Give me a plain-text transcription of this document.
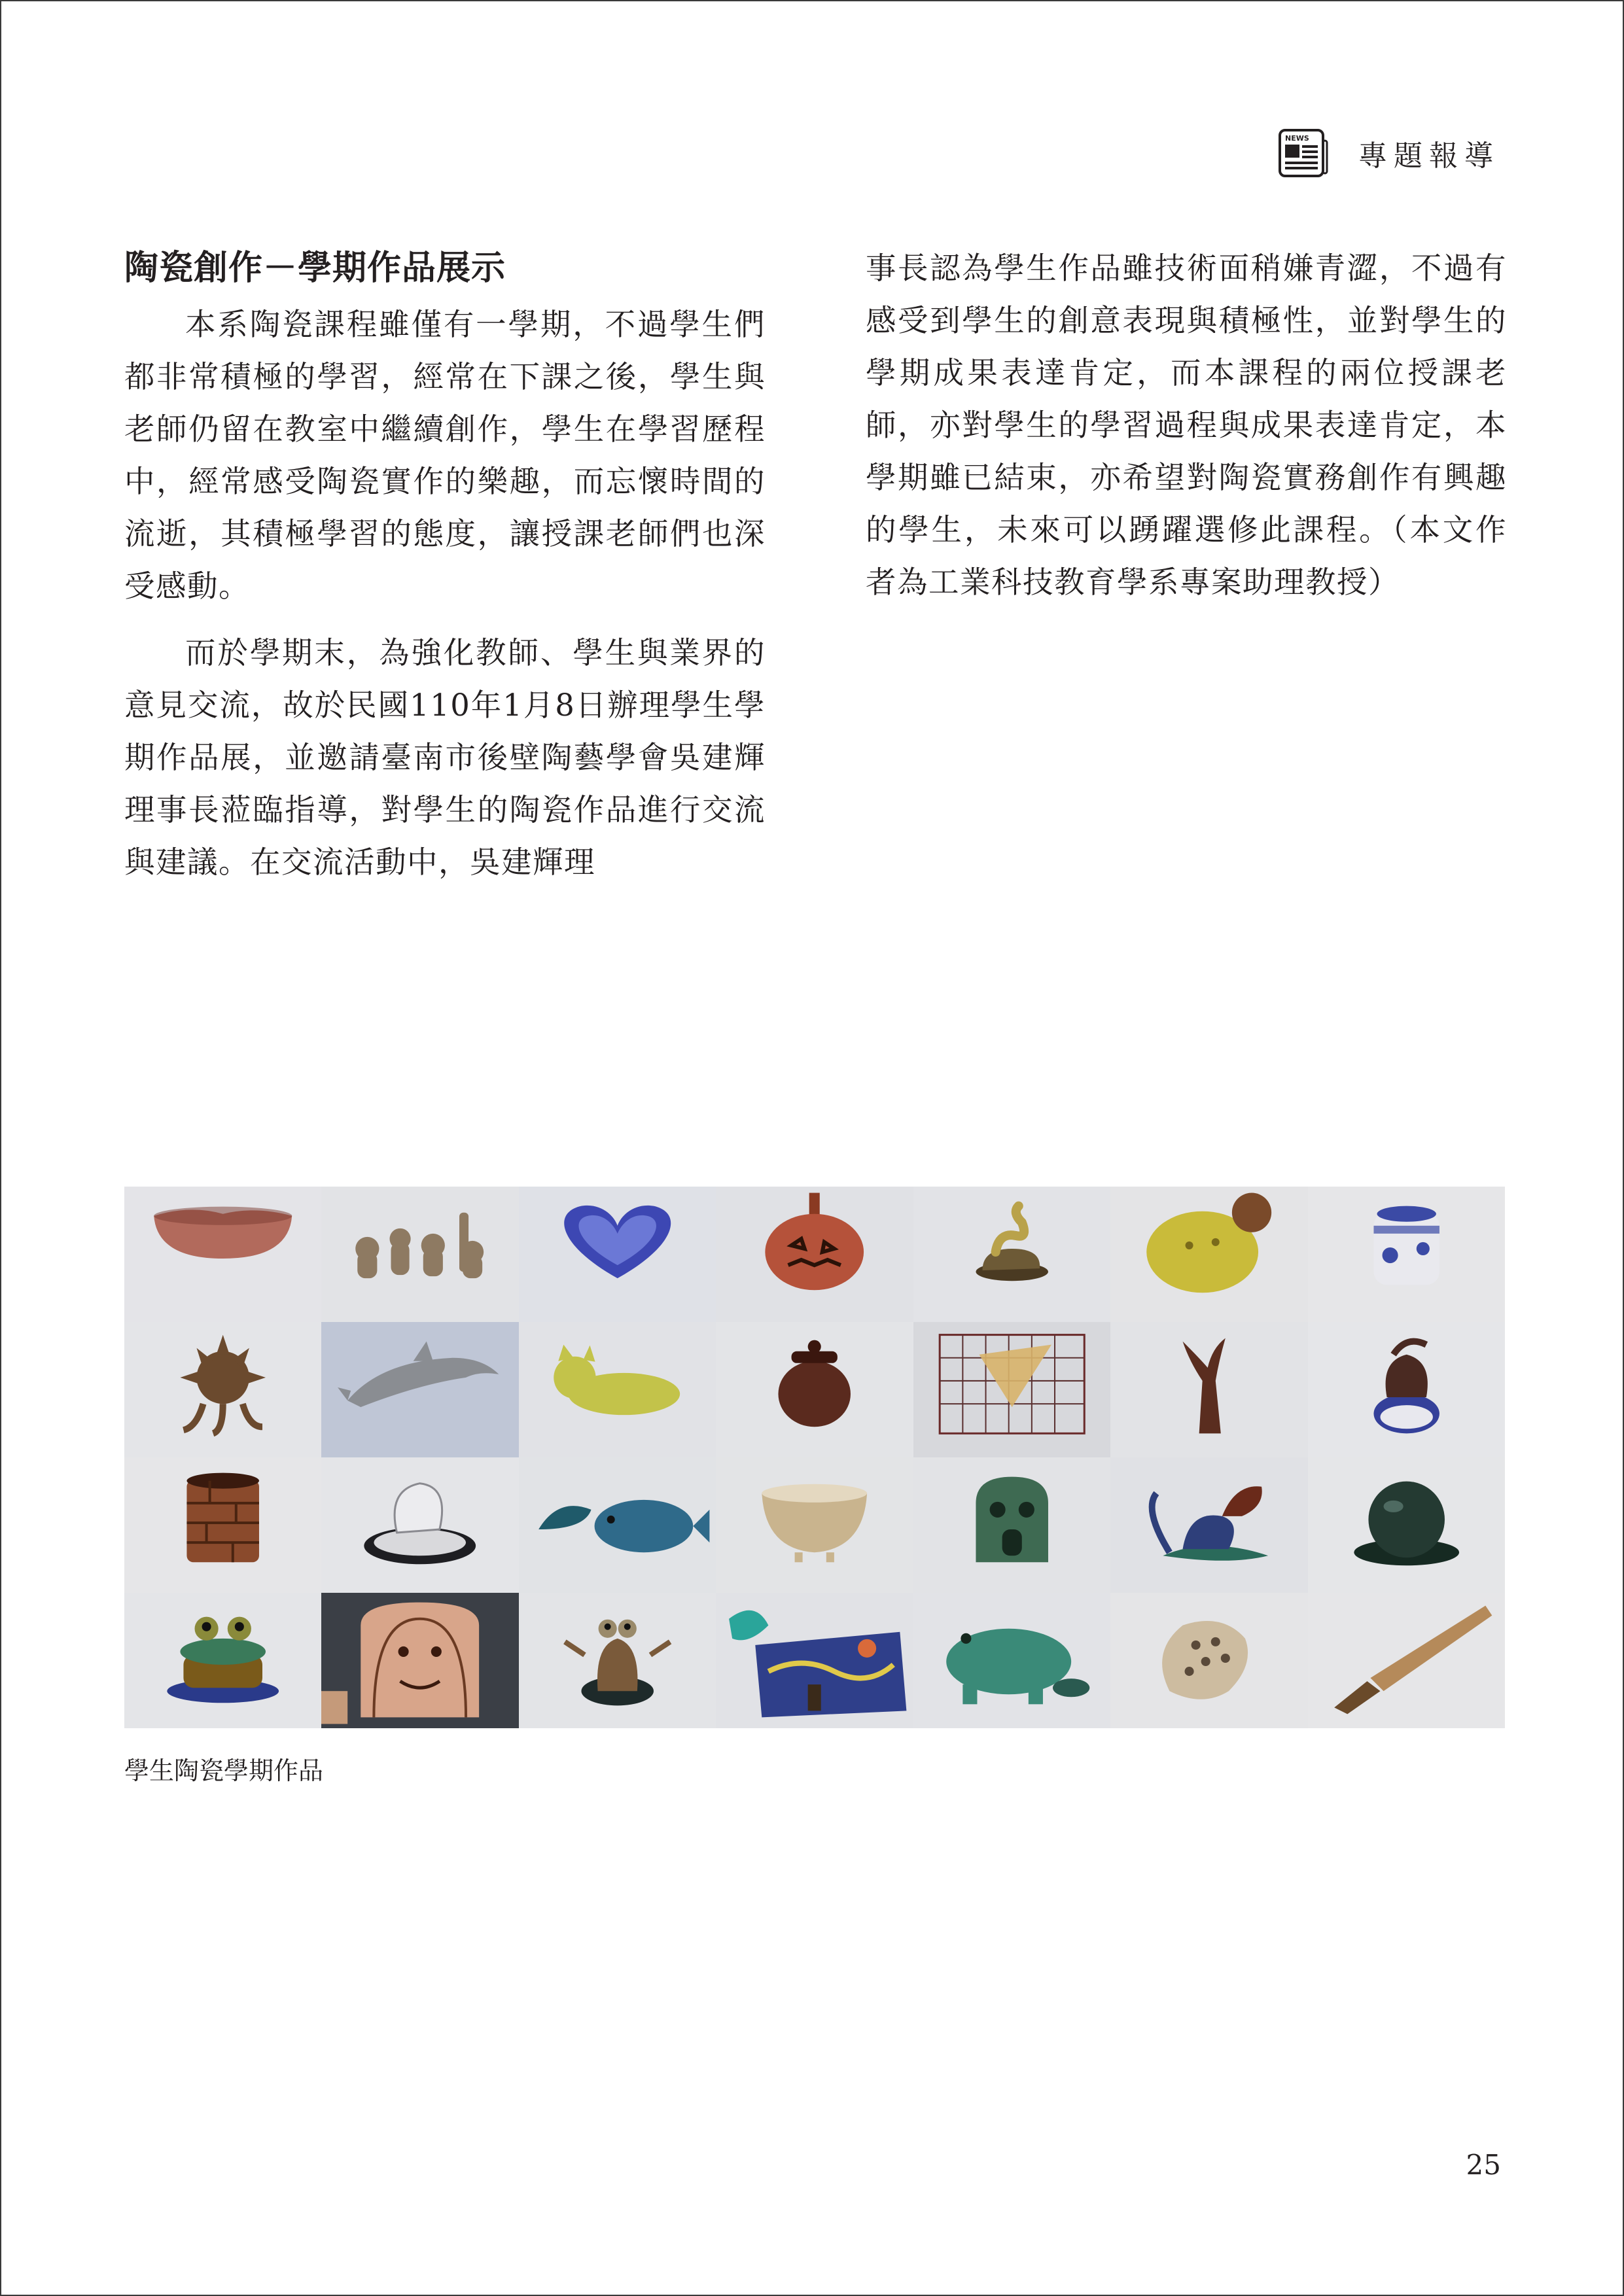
NEWS
專題報導
陶瓷創作－學期作品展示

本系陶瓷課程雖僅有一學期，不過學生們都非常積極的學習，經常在下課之後，學生與老師仍留在教室中繼續創作，學生在學習歷程中，經常感受陶瓷實作的樂趣，而忘懷時間的流逝，其積極學習的態度，讓授課老師們也深受感動。

而於學期末，為強化教師、學生與業界的意見交流，故於民國110年1月8日辦理學生學期作品展，並邀請臺南市後壁陶藝學會吳建輝理事長蒞臨指導，對學生的陶瓷作品進行交流與建議。在交流活動中，吳建輝理

事長認為學生作品雖技術面稍嫌青澀，不過有感受到學生的創意表現與積極性，並對學生的學期成果表達肯定，而本課程的兩位授課老師，亦對學生的學習過程與成果表達肯定，本學期雖已結束，亦希望對陶瓷實務創作有興趣的學生，未來可以踴躍選修此課程。（本文作者為工業科技教育學系專案助理教授）

學生陶瓷學期作品
25
